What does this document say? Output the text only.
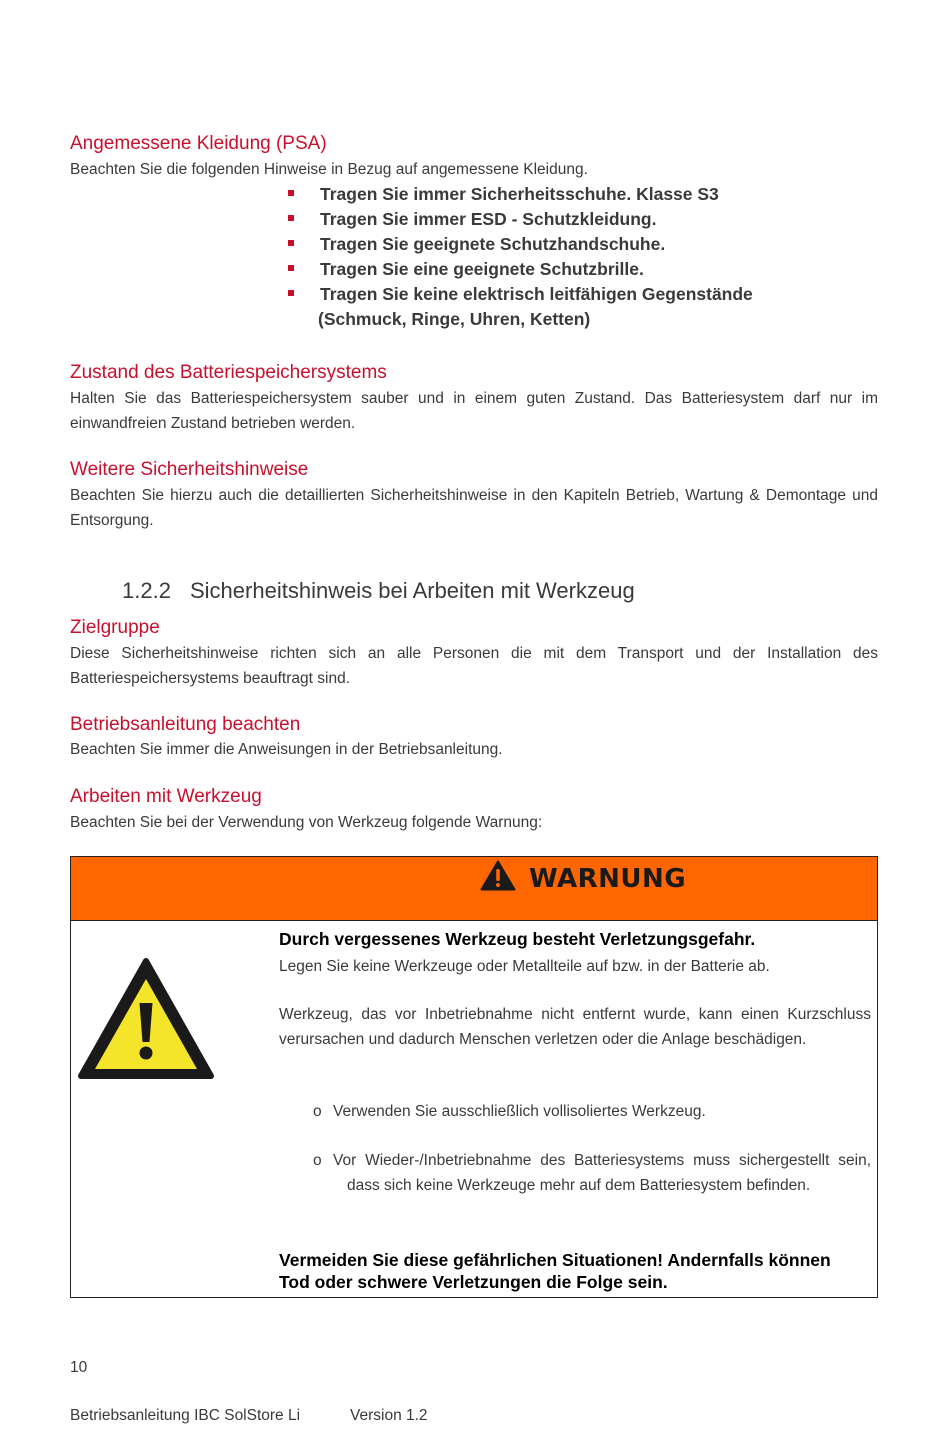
Angemessene Kleidung (PSA)
Beachten Sie die folgenden Hinweise in Bezug auf angemessene Kleidung.
Tragen Sie immer Sicherheitsschuhe. Klasse S3
Tragen Sie immer ESD - Schutzkleidung.
Tragen Sie geeignete Schutzhandschuhe.
Tragen Sie eine geeignete Schutzbrille.
Tragen Sie keine elektrisch leitfähigen Gegenstände
(Schmuck, Ringe, Uhren, Ketten)
Zustand des Batteriespeichersystems
Halten Sie das Batteriespeichersystem sauber und in einem guten Zustand. Das Batteriesystem darf nur im einwandfreien Zustand betrieben werden.
Weitere Sicherheitshinweise
Beachten Sie hierzu auch die detaillierten Sicherheitshinweise in den Kapiteln Betrieb, Wartung & Demontage und Entsorgung.
1.2.2 Sicherheitshinweis bei Arbeiten mit Werkzeug
Zielgruppe
Diese Sicherheitshinweise richten sich an alle Personen die mit dem Transport und der Installation des Batteriespeichersystems beauftragt sind.
Betriebsanleitung beachten
Beachten Sie immer die Anweisungen in der Betriebsanleitung.
Arbeiten mit Werkzeug
Beachten Sie bei der Verwendung von Werkzeug folgende Warnung:
WARNUNG
Durch vergessenes Werkzeug besteht Verletzungsgefahr.
Legen Sie keine Werkzeuge oder Metallteile auf bzw. in der Batterie ab.
Werkzeug, das vor Inbetriebnahme nicht entfernt wurde, kann einen Kurzschluss verursachen und dadurch Menschen verletzen oder die Anlage beschädigen.
o Verwenden Sie ausschließlich vollisoliertes Werkzeug.
o Vor Wieder-/Inbetriebnahme des Batteriesystems muss sichergestellt sein, dass sich keine Werkzeuge mehr auf dem Batteriesystem befinden.
Vermeiden Sie diese gefährlichen Situationen! Andernfalls können Tod oder schwere Verletzungen die Folge sein.
10
Betriebsanleitung IBC SolStore Li	Version 1.2
